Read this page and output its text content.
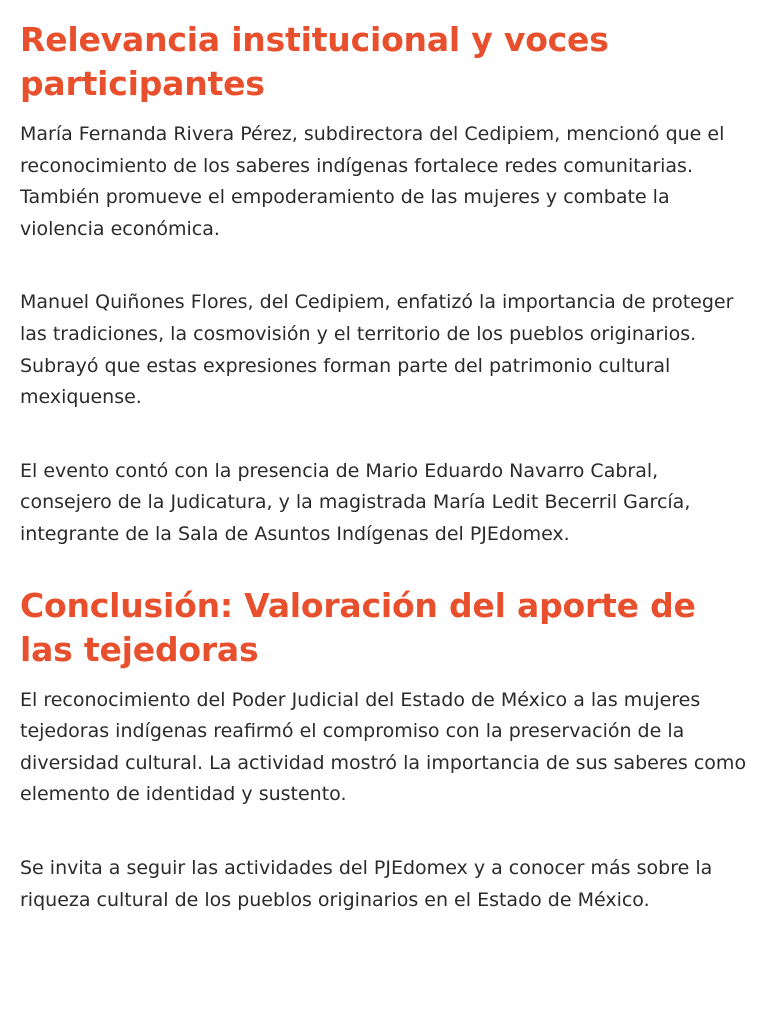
Relevancia institucional y voces participantes

María Fernanda Rivera Pérez, subdirectora del Cedipiem, mencionó que el reconocimiento de los saberes indígenas fortalece redes comunitarias. También promueve el empoderamiento de las mujeres y combate la violencia económica.

Manuel Quiñones Flores, del Cedipiem, enfatizó la importancia de proteger las tradiciones, la cosmovisión y el territorio de los pueblos originarios. Subrayó que estas expresiones forman parte del patrimonio cultural mexiquense.

El evento contó con la presencia de Mario Eduardo Navarro Cabral, consejero de la Judicatura, y la magistrada María Ledit Becerril García, integrante de la Sala de Asuntos Indígenas del PJEdomex.

Conclusión: Valoración del aporte de las tejedoras

El reconocimiento del Poder Judicial del Estado de México a las mujeres tejedoras indígenas reafirmó el compromiso con la preservación de la diversidad cultural. La actividad mostró la importancia de sus saberes como elemento de identidad y sustento.

Se invita a seguir las actividades del PJEdomex y a conocer más sobre la riqueza cultural de los pueblos originarios en el Estado de México.
